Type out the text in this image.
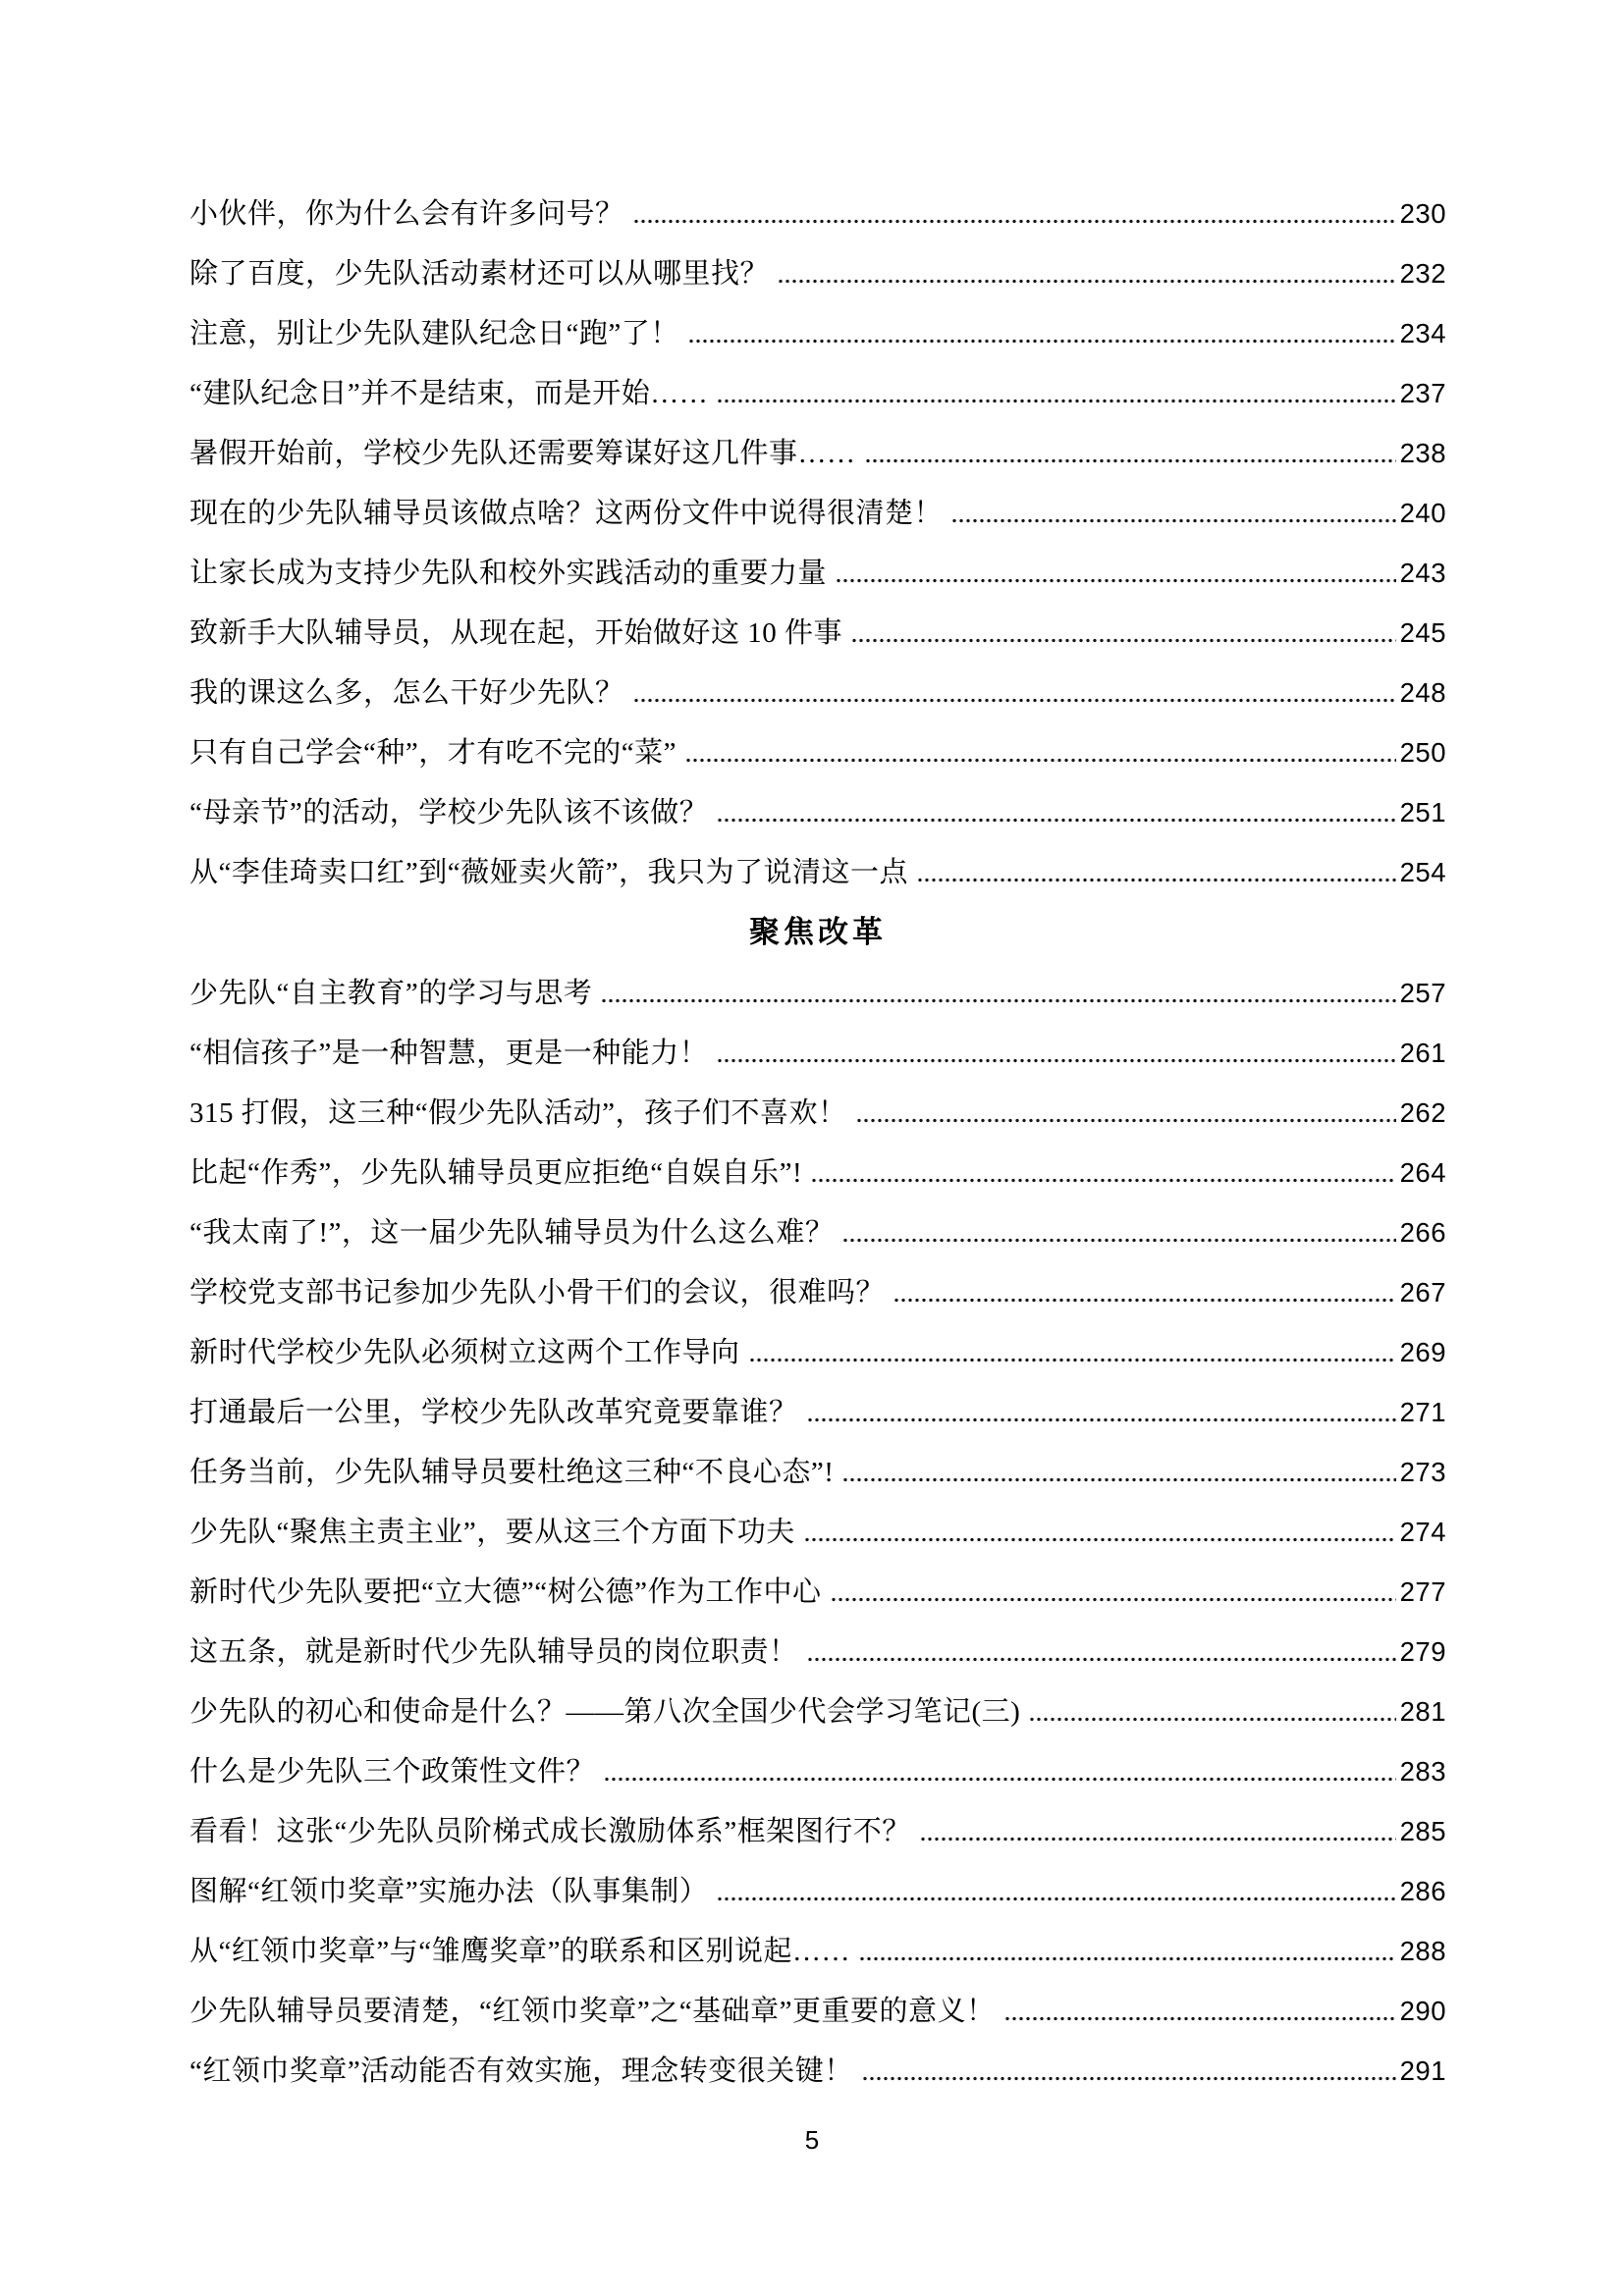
小伙伴，你为什么会有许多问号？	230
除了百度，少先队活动素材还可以从哪里找？	232
注意，别让少先队建队纪念日“跑”了！	234
“建队纪念日”并不是结束，而是开始……	237
暑假开始前，学校少先队还需要筹谋好这几件事……	238
现在的少先队辅导员该做点啥？这两份文件中说得很清楚！	240
让家长成为支持少先队和校外实践活动的重要力量	243
致新手大队辅导员，从现在起，开始做好这 10 件事	245
我的课这么多，怎么干好少先队？	248
只有自己学会“种”，才有吃不完的“菜”	250
“母亲节”的活动，学校少先队该不该做？	251
从“李佳琦卖口红”到“薇娅卖火箭”，我只为了说清这一点	254
聚焦改革
少先队“自主教育”的学习与思考	257
“相信孩子”是一种智慧，更是一种能力！	261
315 打假，这三种“假少先队活动”，孩子们不喜欢！	262
比起“作秀”，少先队辅导员更应拒绝“自娱自乐”!	264
“我太南了!”，这一届少先队辅导员为什么这么难？	266
学校党支部书记参加少先队小骨干们的会议，很难吗？	267
新时代学校少先队必须树立这两个工作导向	269
打通最后一公里，学校少先队改革究竟要靠谁？	271
任务当前，少先队辅导员要杜绝这三种“不良心态”!	273
少先队“聚焦主责主业”，要从这三个方面下功夫	274
新时代少先队要把“立大德”“树公德”作为工作中心	277
这五条，就是新时代少先队辅导员的岗位职责！	279
少先队的初心和使命是什么？——第八次全国少代会学习笔记(三)	281
什么是少先队三个政策性文件？	283
看看！这张“少先队员阶梯式成长激励体系”框架图行不？	285
图解“红领巾奖章”实施办法（队事集制）	286
从“红领巾奖章”与“雏鹰奖章”的联系和区别说起……	288
少先队辅导员要清楚，“红领巾奖章”之“基础章”更重要的意义！	290
“红领巾奖章”活动能否有效实施，理念转变很关键！	291
5
